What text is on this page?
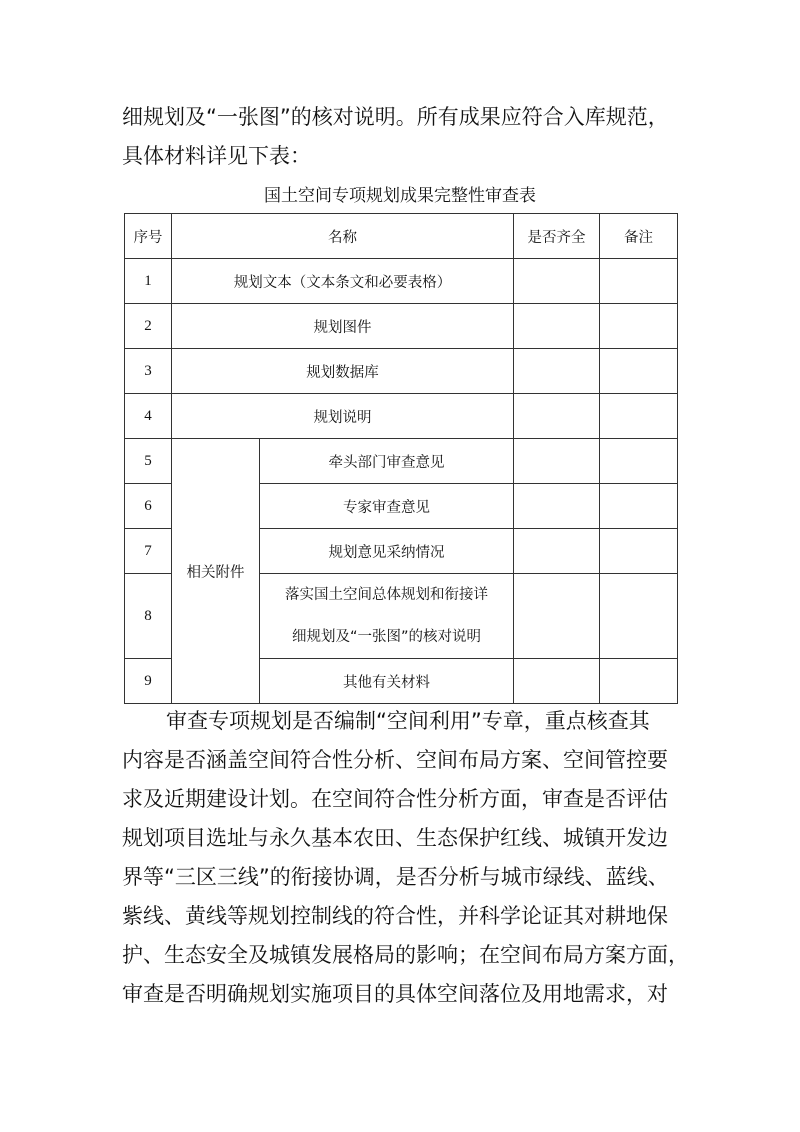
细规划及“一张图”的核对说明。所有成果应符合入库规范，
具体材料详见下表：
国土空间专项规划成果完整性审查表
序号	名称		是否齐全	备注
1	规划文本（文本条文和必要表格）			
2	规划图件			
3	规划数据库			
4	规划说明			
5	相关附件	牵头部门审查意见		
6		专家审查意见		
7		规划意见采纳情况		
8		落实国土空间总体规划和衔接详
细规划及“一张图”的核对说明		

9		其他有关材料		
审查专项规划是否编制“空间利用”专章，重点核查其
内容是否涵盖空间符合性分析、空间布局方案、空间管控要
求及近期建设计划。在空间符合性分析方面，审查是否评估
规划项目选址与永久基本农田、生态保护红线、城镇开发边
界等“三区三线”的衔接协调，是否分析与城市绿线、蓝线、
紫线、黄线等规划控制线的符合性，并科学论证其对耕地保
护、生态安全及城镇发展格局的影响；在空间布局方案方面，
审查是否明确规划实施项目的具体空间落位及用地需求，对
